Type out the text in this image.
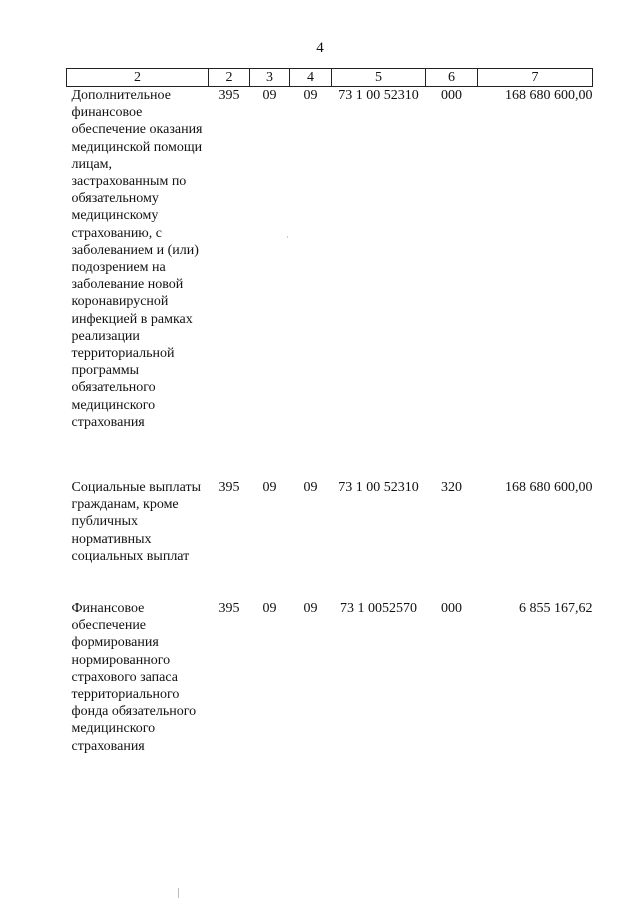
4
2	2	3	4	5	6	7
Дополнительное финансовое обеспечение оказания медицинской помощи лицам, застрахованным по обязательному медицинскому страхованию, с заболеванием и (или) подозрением на заболевание новой коронавирусной инфекцией в рамках реализации территориальной программы обязательного медицинского страхования	395	09	09	73 1 00 52310	000	168 680 600,00
Социальные выплаты гражданам, кроме публичных нормативных социальных выплат	395	09	09	73 1 00 52310	320	168 680 600,00
Финансовое обеспечение формирования нормированного страхового запаса территориального фонда обязательного медицинского страхования	395	09	09	73 1 0052570	000	6 855 167,62
